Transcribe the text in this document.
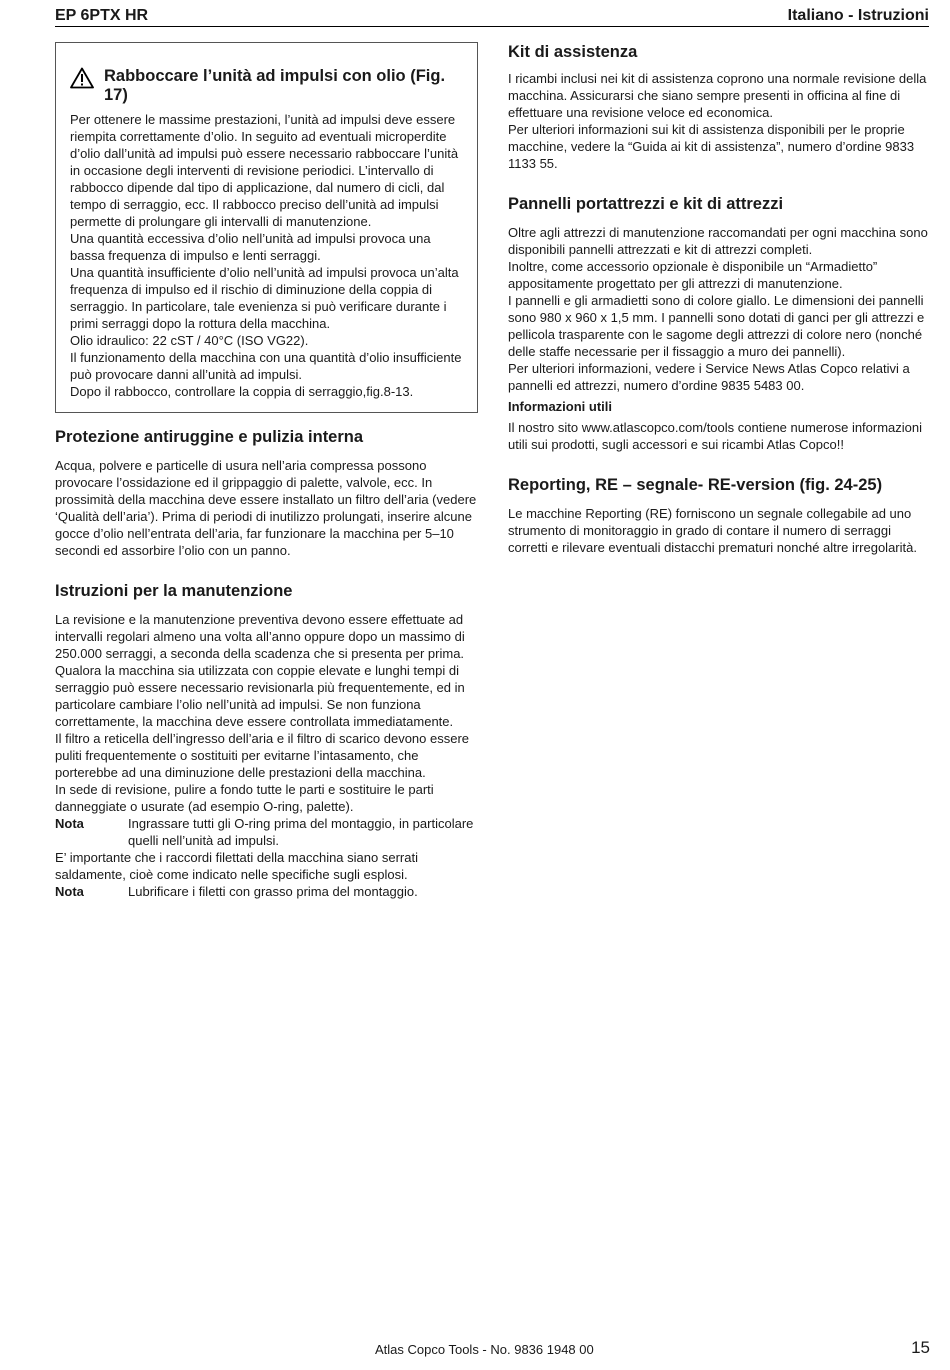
EP 6PTX HR	Italiano - Istruzioni
Rabboccare l’unità ad impulsi con olio (Fig. 17)

Per ottenere le massime prestazioni, l’unità ad impulsi deve essere riempita correttamente d’olio. In seguito ad eventuali microperdite d’olio dall’unità ad impulsi può essere necessario rabboccare l’unità in occasione degli interventi di revisione periodici. L’intervallo di rabbocco dipende dal tipo di applicazione, dal numero di cicli, dal tempo di serraggio, ecc. Il rabbocco preciso dell’unità ad impulsi permette di prolungare gli intervalli di manutenzione.

Una quantità eccessiva d’olio nell’unità ad impulsi provoca una bassa frequenza di impulso e lenti serraggi.

Una quantità insufficiente d’olio nell’unità ad impulsi provoca un’alta frequenza di impulso ed il rischio di diminuzione della coppia di serraggio. In particolare, tale evenienza si può verificare durante i primi serraggi dopo la rottura della macchina.

Olio idraulico: 22 cST / 40°C (ISO VG22).

Il funzionamento della macchina con una quantità d’olio insufficiente può provocare danni all’unità ad impulsi.

Dopo il rabbocco, controllare la coppia di serraggio,fig.8-13.

Protezione antiruggine e pulizia interna

Acqua, polvere e particelle di usura nell’aria compressa possono provocare l’ossidazione ed il grippaggio di palette, valvole, ecc. In prossimità della macchina deve essere installato un filtro dell’aria (vedere ‘Qualità dell’aria’). Prima di periodi di inutilizzo prolungati, inserire alcune gocce d’olio nell’entrata dell’aria, far funzionare la macchina per 5–10 secondi ed assorbire l’olio con un panno.

Istruzioni per la manutenzione

La revisione e la manutenzione preventiva devono essere effettuate ad intervalli regolari almeno una volta all’anno oppure dopo un massimo di 250.000 serraggi, a seconda della scadenza che si presenta per prima. Qualora la macchina sia utilizzata con coppie elevate e lunghi tempi di serraggio può essere necessario revisionarla più frequentemente, ed in particolare cambiare l’olio nell’unità ad impulsi. Se non funziona correttamente, la macchina deve essere controllata immediatamente.

Il filtro a reticella dell’ingresso dell’aria e il filtro di scarico devono essere puliti frequentemente o sostituiti per evitarne l’intasamento, che porterebbe ad una diminuzione delle prestazioni della macchina.

In sede di revisione, pulire a fondo tutte le parti e sostituire le parti danneggiate o usurate (ad esempio O-ring, palette).

Nota	Ingrassare tutti gli O-ring prima del montaggio, in particolare quelli nell’unità ad impulsi.

E’ importante che i raccordi filettati della macchina siano serrati saldamente, cioè come indicato nelle specifiche sugli esplosi.

Nota	Lubrificare i filetti con grasso prima del montaggio.
Kit di assistenza

I ricambi inclusi nei kit di assistenza coprono una normale revisione della macchina. Assicurarsi che siano sempre presenti in officina al fine di effettuare una revisione veloce ed economica.

Per ulteriori informazioni sui kit di assistenza disponibili per le proprie macchine, vedere la “Guida ai kit di assistenza”, numero d’ordine 9833 1133 55.

Pannelli portattrezzi e kit di attrezzi

Oltre agli attrezzi di manutenzione raccomandati per ogni macchina sono disponibili pannelli attrezzati e kit di attrezzi completi.

Inoltre, come accessorio opzionale è disponibile un “Armadietto” appositamente progettato per gli attrezzi di manutenzione.

I pannelli e gli armadietti sono di colore giallo. Le dimensioni dei pannelli sono 980 x 960 x 1,5 mm. I pannelli sono dotati di ganci per gli attrezzi e pellicola trasparente con le sagome degli attrezzi di colore nero (nonché delle staffe necessarie per il fissaggio a muro dei pannelli).

Per ulteriori informazioni, vedere i Service News Atlas Copco relativi a pannelli ed attrezzi, numero d’ordine 9835 5483 00.

Informazioni utili

Il nostro sito www.atlascopco.com/tools contiene numerose informazioni utili sui prodotti, sugli accessori e sui ricambi Atlas Copco!!

Reporting, RE – segnale- RE-version (fig. 24-25)

Le macchine Reporting (RE) forniscono un segnale collegabile ad uno strumento di monitoraggio in grado di contare il numero di serraggi corretti e rilevare eventuali distacchi prematuri nonché altre irregolarità.

Atlas Copco Tools - No. 9836 1948 00	15
